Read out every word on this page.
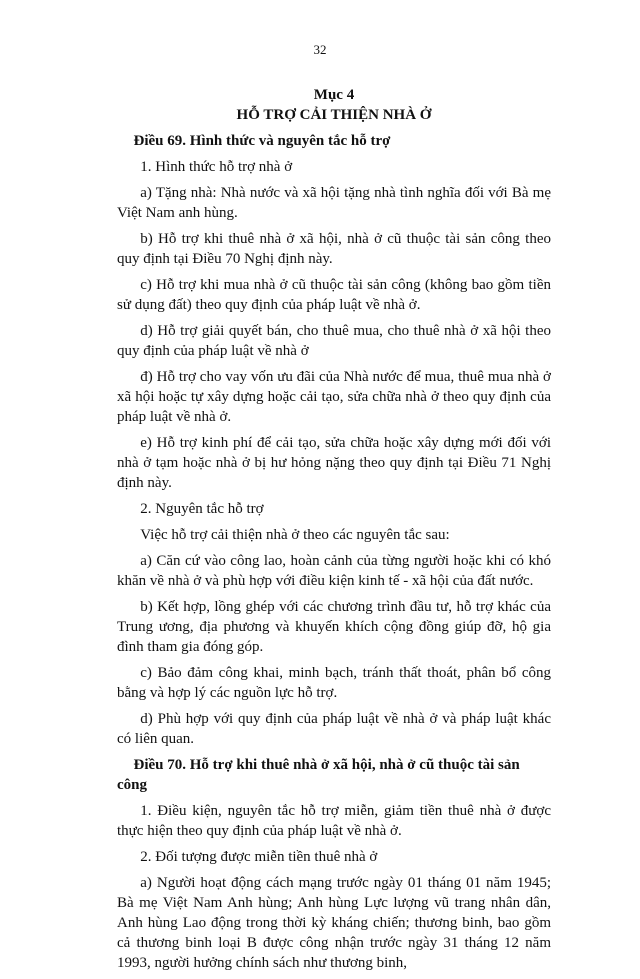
32

Mục 4

HỖ TRỢ CẢI THIỆN NHÀ Ở

Điều 69. Hình thức và nguyên tắc hỗ trợ

1. Hình thức hỗ trợ nhà ở

a) Tặng nhà: Nhà nước và xã hội tặng nhà tình nghĩa đối với Bà mẹ Việt Nam anh hùng.

b) Hỗ trợ khi thuê nhà ở xã hội, nhà ở cũ thuộc tài sản công theo quy định tại Điều 70 Nghị định này.

c) Hỗ trợ khi mua nhà ở cũ thuộc tài sản công (không bao gồm tiền sử dụng đất) theo quy định của pháp luật về nhà ở.

d) Hỗ trợ giải quyết bán, cho thuê mua, cho thuê nhà ở xã hội theo quy định của pháp luật về nhà ở

đ) Hỗ trợ cho vay vốn ưu đãi của Nhà nước để mua, thuê mua nhà ở xã hội hoặc tự xây dựng hoặc cải tạo, sửa chữa nhà ở theo quy định của pháp luật về nhà ở.

e) Hỗ trợ kinh phí để cải tạo, sửa chữa hoặc xây dựng mới đối với nhà ở tạm hoặc nhà ở bị hư hỏng nặng theo quy định tại Điều 71 Nghị định này.

2. Nguyên tắc hỗ trợ

Việc hỗ trợ cải thiện nhà ở theo các nguyên tắc sau:

a) Căn cứ vào công lao, hoàn cảnh của từng người hoặc khi có khó khăn về nhà ở và phù hợp với điều kiện kinh tế - xã hội của đất nước.

b) Kết hợp, lồng ghép với các chương trình đầu tư, hỗ trợ khác của Trung ương, địa phương và khuyến khích cộng đồng giúp đỡ, hộ gia đình tham gia đóng góp.

c) Bảo đảm công khai, minh bạch, tránh thất thoát, phân bổ công bằng và hợp lý các nguồn lực hỗ trợ.

d) Phù hợp với quy định của pháp luật về nhà ở và pháp luật khác có liên quan.

Điều 70. Hỗ trợ khi thuê nhà ở xã hội, nhà ở cũ thuộc tài sản công

1. Điều kiện, nguyên tắc hỗ trợ miễn, giảm tiền thuê nhà ở được thực hiện theo quy định của pháp luật về nhà ở.

2. Đối tượng được miễn tiền thuê nhà ở

a) Người hoạt động cách mạng trước ngày 01 tháng 01 năm 1945; Bà mẹ Việt Nam Anh hùng; Anh hùng Lực lượng vũ trang nhân dân, Anh hùng Lao động trong thời kỳ kháng chiến; thương binh, bao gồm cả thương binh loại B được công nhận trước ngày 31 tháng 12 năm 1993, người hưởng chính sách như thương binh,
